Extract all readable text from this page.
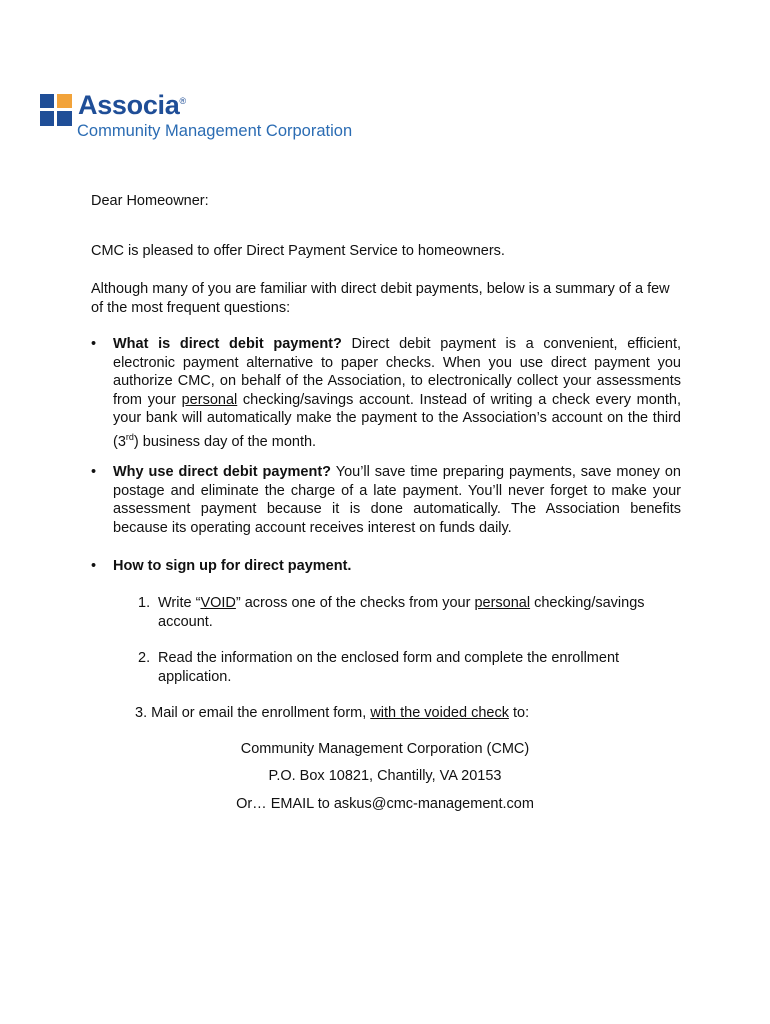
Associa®
Community Management Corporation
Dear Homeowner:
CMC is pleased to offer Direct Payment Service to homeowners.
Although many of you are familiar with direct debit payments, below is a summary of a few of the most frequent questions:
•	What is direct debit payment? Direct debit payment is a convenient, efficient, electronic payment alternative to paper checks. When you use direct payment you authorize CMC, on behalf of the Association, to electronically collect your assessments from your personal checking/savings account. Instead of writing a check every month, your bank will automatically make the payment to the Association’s account on the third (3rd) business day of the month.
•	Why use direct debit payment? You’ll save time preparing payments, save money on postage and eliminate the charge of a late payment. You’ll never forget to make your assessment payment because it is done automatically. The Association benefits because its operating account receives interest on funds daily.
•	How to sign up for direct payment.
1. Write “VOID” across one of the checks from your personal checking/savings account.
2. Read the information on the enclosed form and complete the enrollment application.
3. Mail or email the enrollment form, with the voided check to:
Community Management Corporation (CMC)
P.O. Box 10821, Chantilly, VA 20153
Or… EMAIL to askus@cmc-management.com
